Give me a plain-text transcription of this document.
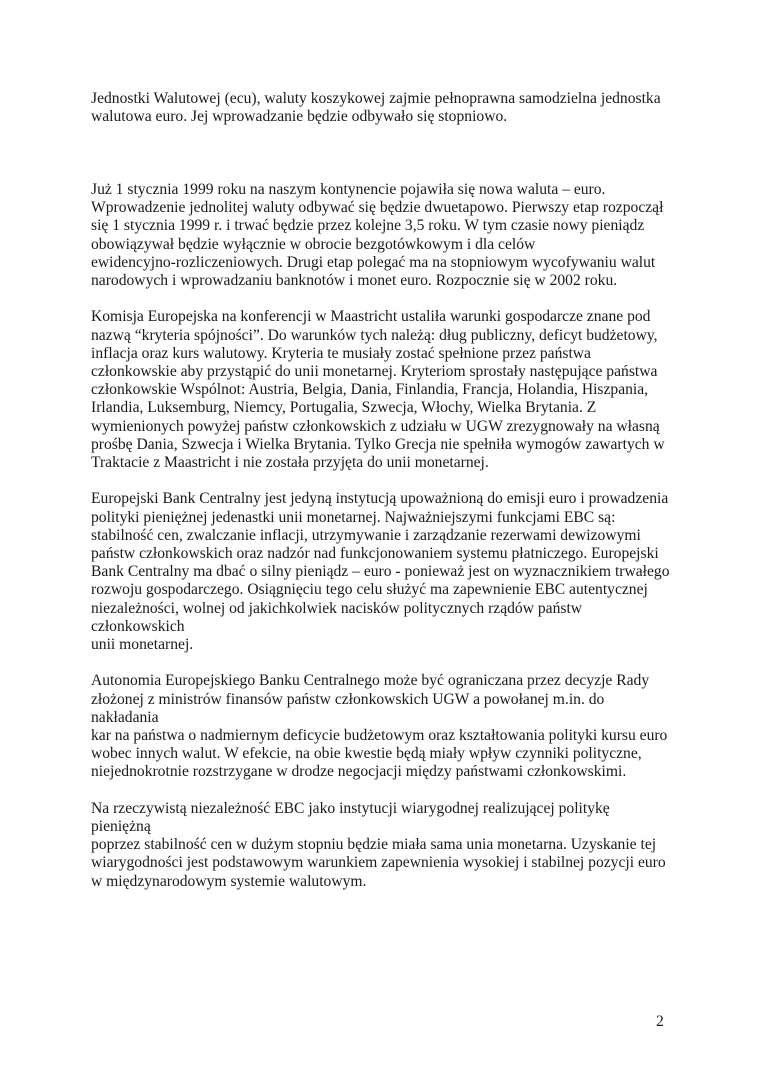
Jednostki Walutowej (ecu), waluty koszykowej zajmie pełnoprawna samodzielna jednostka
walutowa euro. Jej wprowadzanie będzie odbywało się stopniowo.

Już 1 stycznia 1999 roku na naszym kontynencie pojawiła się nowa waluta – euro.
Wprowadzenie jednolitej waluty odbywać się będzie dwuetapowo. Pierwszy etap rozpoczął
się 1 stycznia 1999 r. i trwać będzie przez kolejne 3,5 roku. W tym czasie nowy pieniądz
obowiązywał będzie wyłącznie w obrocie bezgotówkowym i dla celów
ewidencyjno-rozliczeniowych. Drugi etap polegać ma na stopniowym wycofywaniu walut
narodowych i wprowadzaniu banknotów i monet euro. Rozpocznie się w 2002 roku.

Komisja Europejska na konferencji w Maastricht ustaliła warunki gospodarcze znane pod
nazwą “kryteria spójności”. Do warunków tych należą: dług publiczny, deficyt budżetowy,
inflacja oraz kurs walutowy. Kryteria te musiały zostać spełnione przez państwa
członkowskie aby przystąpić do unii monetarnej. Kryteriom sprostały następujące państwa
członkowskie Wspólnot: Austria, Belgia, Dania, Finlandia, Francja, Holandia, Hiszpania,
Irlandia, Luksemburg, Niemcy, Portugalia, Szwecja, Włochy, Wielka Brytania. Z
wymienionych powyżej państw członkowskich z udziału w UGW zrezygnowały na własną
prośbę Dania, Szwecja i Wielka Brytania. Tylko Grecja nie spełniła wymogów zawartych w
Traktacie z Maastricht i nie została przyjęta do unii monetarnej.

Europejski Bank Centralny jest jedyną instytucją upoważnioną do emisji euro i prowadzenia
polityki pieniężnej jedenastki unii monetarnej. Najważniejszymi funkcjami EBC są:
stabilność cen, zwalczanie inflacji, utrzymywanie i zarządzanie rezerwami dewizowymi
państw członkowskich oraz nadzór nad funkcjonowaniem systemu płatniczego. Europejski
Bank Centralny ma dbać o silny pieniądz – euro - ponieważ jest on wyznacznikiem trwałego
rozwoju gospodarczego. Osiągnięciu tego celu służyć ma zapewnienie EBC autentycznej
niezależności, wolnej od jakichkolwiek nacisków politycznych rządów państw członkowskich
unii monetarnej.

Autonomia Europejskiego Banku Centralnego może być ograniczana przez decyzje Rady
złożonej z ministrów finansów państw członkowskich UGW a powołanej m.in. do nakładania
kar na państwa o nadmiernym deficycie budżetowym oraz kształtowania polityki kursu euro
wobec innych walut. W efekcie, na obie kwestie będą miały wpływ czynniki polityczne,
niejednokrotnie rozstrzygane w drodze negocjacji między państwami członkowskimi.

Na rzeczywistą niezależność EBC jako instytucji wiarygodnej realizującej politykę pieniężną
poprzez stabilność cen w dużym stopniu będzie miała sama unia monetarna. Uzyskanie tej
wiarygodności jest podstawowym warunkiem zapewnienia wysokiej i stabilnej pozycji euro
w międzynarodowym systemie walutowym.

2
